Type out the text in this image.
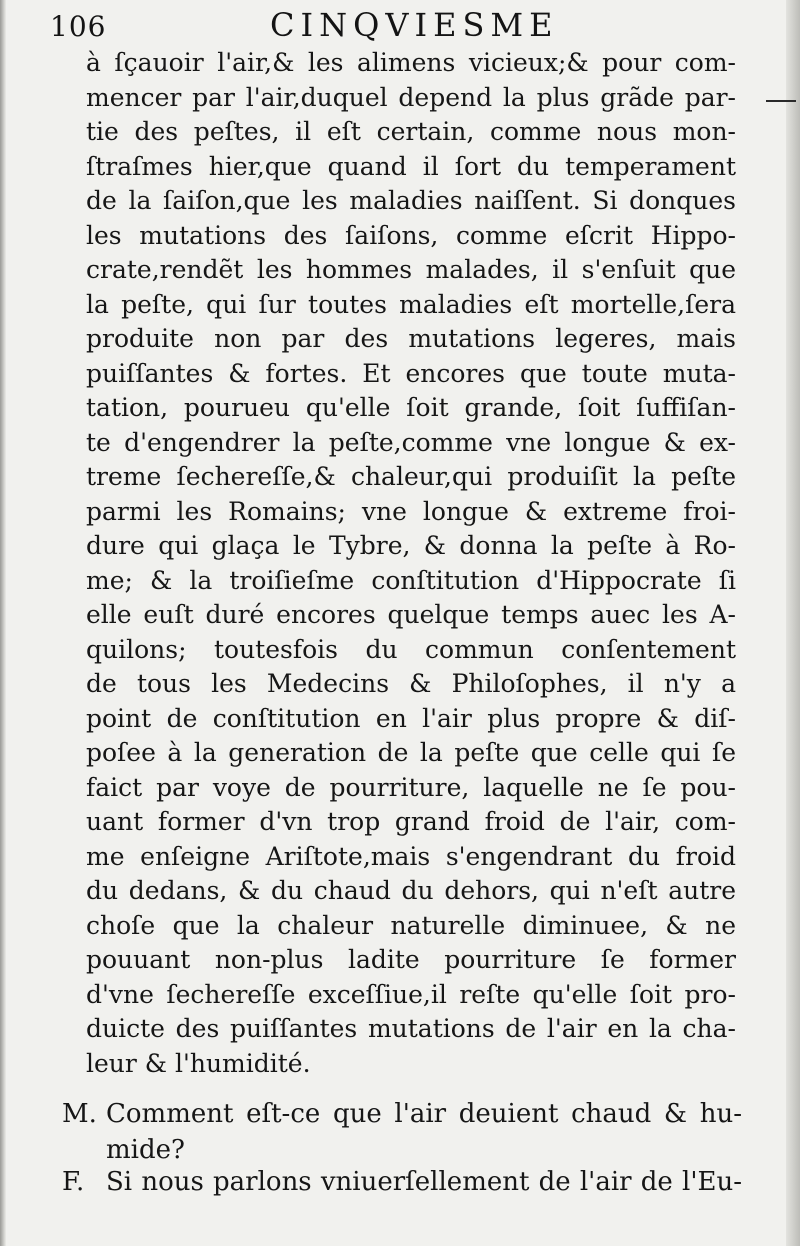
106	CINQVIESME
à ſçauoir l'air,& les alimens vicieux;& pour com-
mencer par l'air,duquel depend la plus grãde par-
tie des peſtes, il eſt certain, comme nous mon-
ſtraſmes hier,que quand il ſort du temperament
de la ſaiſon,que les maladies naiſſent. Si donques
les mutations des ſaiſons, comme eſcrit Hippo-
crate,rendẽt les hommes malades, il s'enſuit que
la peſte, qui ſur toutes maladies eſt mortelle,ſera
produite non par des mutations legeres, mais
puiſſantes & fortes. Et encores que toute muta-
tation, pourueu qu'elle ſoit grande, ſoit ſuffiſan-
te d'engendrer la peſte,comme vne longue & ex-
treme ſechereſſe,& chaleur,qui produiſit la peſte
parmi les Romains; vne longue & extreme froi-
dure qui glaça le Tybre, & donna la peſte à Ro-
me; & la troiſieſme conſtitution d'Hippocrate ſi
elle euſt duré encores quelque temps auec les A-
quilons; toutesfois du commun conſentement
de tous les Medecins & Philoſophes, il n'y a
point de conſtitution en l'air plus propre & diſ-
poſee à la generation de la peſte que celle qui ſe
faict par voye de pourriture, laquelle ne ſe pou-
uant former d'vn trop grand froid de l'air, com-
me enſeigne Ariſtote,mais s'engendrant du froid
du dedans, & du chaud du dehors, qui n'eſt autre
choſe que la chaleur naturelle diminuee, & ne
pouuant non-plus ladite pourriture ſe former
d'vne ſechereſſe exceſſiue,il reſte qu'elle ſoit pro-
duicte des puiſſantes mutations de l'air en la cha-
leur & l'humidité.
M. Comment eſt-ce que l'air deuient chaud & hu-
mide?
F. Si nous parlons vniuerſellement de l'air de l'Eu-
